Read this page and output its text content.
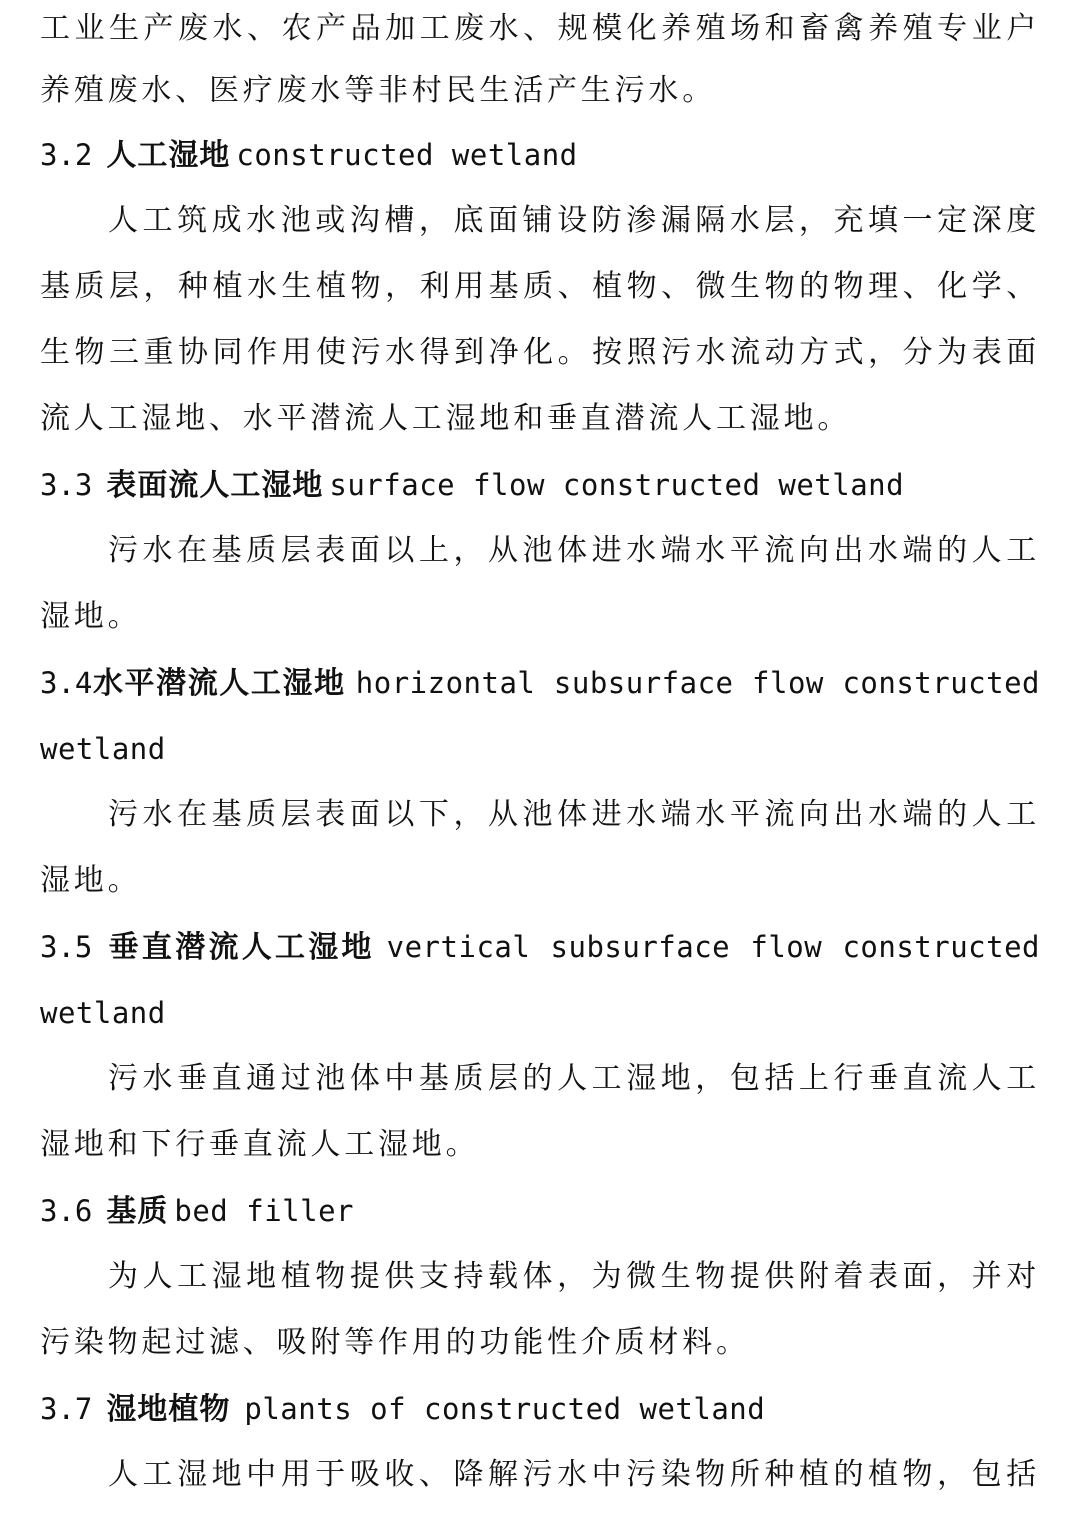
工业生产废水、农产品加工废水、规模化养殖场和畜禽养殖专业户
养殖废水、医疗废水等非村民生活产生污水。
3.2 人工湿地 constructed wetland
人工筑成水池或沟槽，底面铺设防渗漏隔水层，充填一定深度
基质层，种植水生植物，利用基质、植物、微生物的物理、化学、
生物三重协同作用使污水得到净化。按照污水流动方式，分为表面
流人工湿地、水平潜流人工湿地和垂直潜流人工湿地。
3.3 表面流人工湿地 surface flow constructed wetland
污水在基质层表面以上，从池体进水端水平流向出水端的人工
湿地。
3.4水平潜流人工湿地 horizontal subsurface flow constructed
wetland
污水在基质层表面以下，从池体进水端水平流向出水端的人工
湿地。
3.5 垂直潜流人工湿地 vertical subsurface flow constructed
wetland
污水垂直通过池体中基质层的人工湿地，包括上行垂直流人工
湿地和下行垂直流人工湿地。
3.6 基质 bed filler
为人工湿地植物提供支持载体，为微生物提供附着表面，并对
污染物起过滤、吸附等作用的功能性介质材料。
3.7 湿地植物 plants of constructed wetland
人工湿地中用于吸收、降解污水中污染物所种植的植物，包括
